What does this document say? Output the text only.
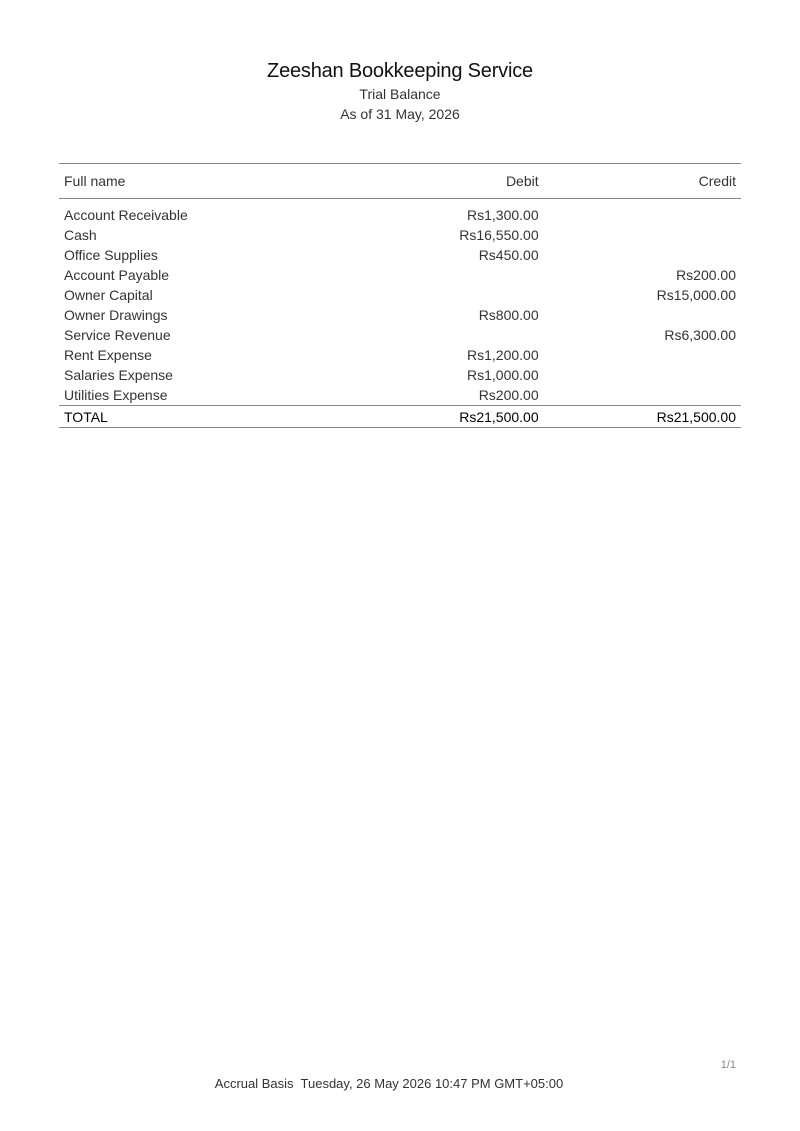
Zeeshan Bookkeeping Service
Trial Balance
As of 31 May, 2026
Full name	Debit	Credit

Account Receivable	Rs1,300.00	
Cash	Rs16,550.00	
Office Supplies	Rs450.00	
Account Payable		Rs200.00
Owner Capital		Rs15,000.00
Owner Drawings	Rs800.00	
Service Revenue		Rs6,300.00
Rent Expense	Rs1,200.00	
Salaries Expense	Rs1,000.00	
Utilities Expense	Rs200.00	
TOTAL	Rs21,500.00	Rs21,500.00
1/1
Accrual Basis Tuesday, 26 May 2026 10:47 PM GMT+05:00
